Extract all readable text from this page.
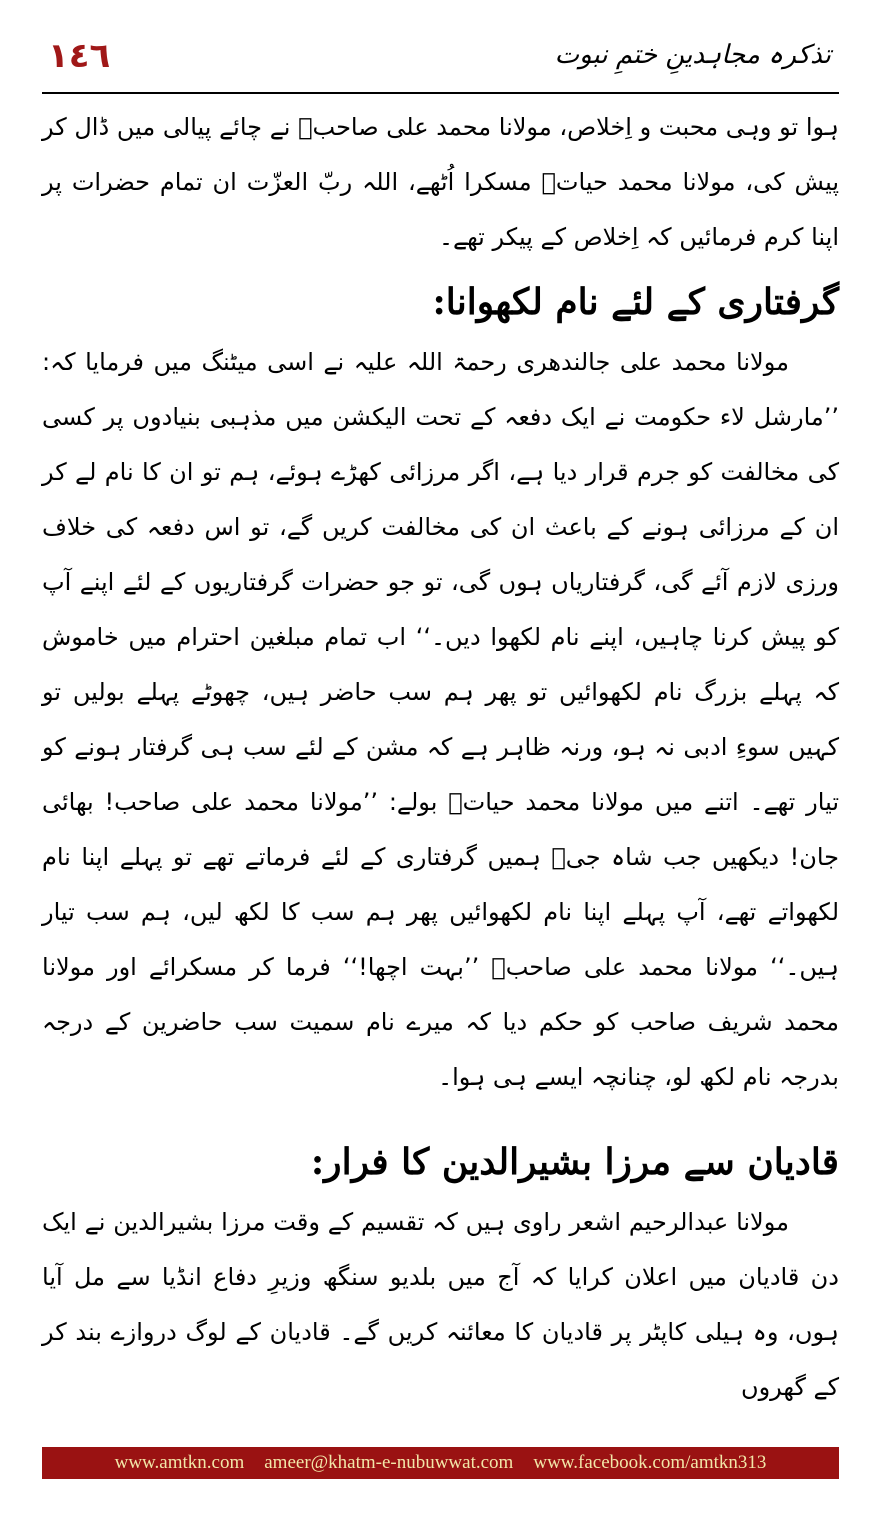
١٤٦	تذکرہ مجاہدینِ ختمِ نبوت

ہوا تو وہی محبت و اِخلاص، مولانا محمد علی صاحبؒ نے چائے پیالی میں ڈال کر پیش کی، مولانا محمد حیاتؒ مسکرا اُٹھے، اللہ ربّ العزّت ان تمام حضرات پر اپنا کرم فرمائیں کہ اِخلاص کے پیکر تھے۔

گرفتاری کے لئے نام لکھوانا:

مولانا محمد علی جالندھری رحمۃ اللہ علیہ نے اسی میٹنگ میں فرمایا کہ: ’’مارشل لاء حکومت نے ایک دفعہ کے تحت الیکشن میں مذہبی بنیادوں پر کسی کی مخالفت کو جرم قرار دیا ہے، اگر مرزائی کھڑے ہوئے، ہم تو ان کا نام لے کر ان کے مرزائی ہونے کے باعث ان کی مخالفت کریں گے، تو اس دفعہ کی خلاف ورزی لازم آئے گی، گرفتاریاں ہوں گی، تو جو حضرات گرفتاریوں کے لئے اپنے آپ کو پیش کرنا چاہیں، اپنے نام لکھوا دیں۔‘‘ اب تمام مبلغین احترام میں خاموش کہ پہلے بزرگ نام لکھوائیں تو پھر ہم سب حاضر ہیں، چھوٹے پہلے بولیں تو کہیں سوءِ ادبی نہ ہو، ورنہ ظاہر ہے کہ مشن کے لئے سب ہی گرفتار ہونے کو تیار تھے۔ اتنے میں مولانا محمد حیاتؒ بولے: ’’مولانا محمد علی صاحب! بھائی جان! دیکھیں جب شاہ جیؒ ہمیں گرفتاری کے لئے فرماتے تھے تو پہلے اپنا نام لکھواتے تھے، آپ پہلے اپنا نام لکھوائیں پھر ہم سب کا لکھ لیں، ہم سب تیار ہیں۔‘‘ مولانا محمد علی صاحبؒ ’’بہت اچھا!‘‘ فرما کر مسکرائے اور مولانا محمد شریف صاحب کو حکم دیا کہ میرے نام سمیت سب حاضرین کے درجہ بدرجہ نام لکھ لو، چنانچہ ایسے ہی ہوا۔

قادیان سے مرزا بشیرالدین کا فرار:

مولانا عبدالرحیم اشعر راوی ہیں کہ تقسیم کے وقت مرزا بشیرالدین نے ایک دن قادیان میں اعلان کرایا کہ آج میں بلدیو سنگھ وزیرِ دفاع انڈیا سے مل آیا ہوں، وہ ہیلی کاپٹر پر قادیان کا معائنہ کریں گے۔ قادیان کے لوگ دروازے بند کر کے گھروں

www.amtkn.com ameer@khatm-e-nubuwwat.com www.facebook.com/amtkn313
